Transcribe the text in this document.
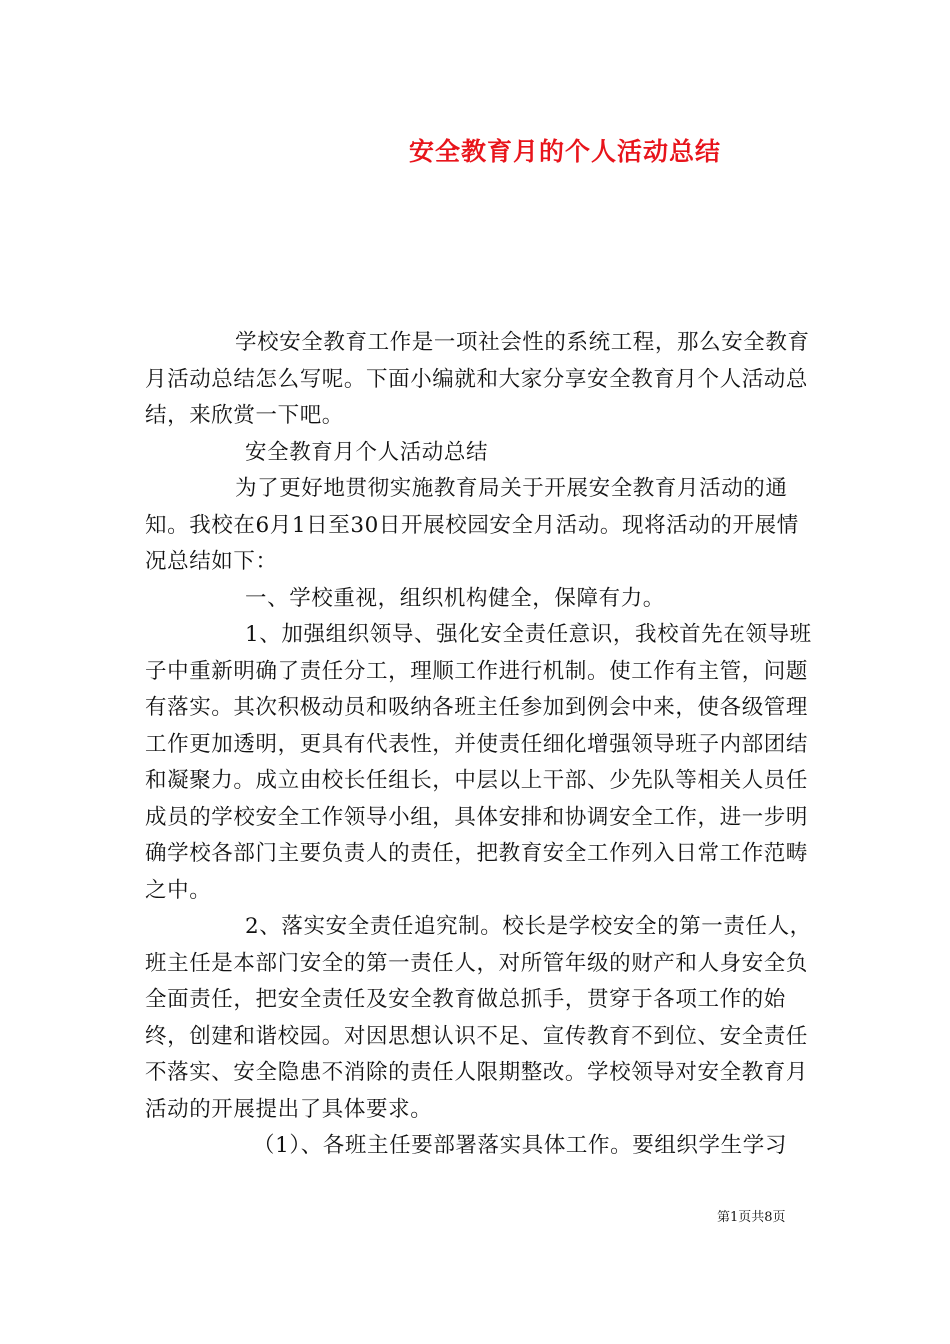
安全教育月的个人活动总结

学校安全教育工作是一项社会性的系统工程，那么安全教育月活动总结怎么写呢。下面小编就和大家分享安全教育月个人活动总结，来欣赏一下吧。

安全教育月个人活动总结

为了更好地贯彻实施教育局关于开展安全教育月活动的通知。我校在6月1日至30日开展校园安全月活动。现将活动的开展情况总结如下：

一、学校重视，组织机构健全，保障有力。

1、加强组织领导、强化安全责任意识，我校首先在领导班子中重新明确了责任分工，理顺工作进行机制。使工作有主管，问题有落实。其次积极动员和吸纳各班主任参加到例会中来，使各级管理工作更加透明，更具有代表性，并使责任细化增强领导班子内部团结和凝聚力。成立由校长任组长，中层以上干部、少先队等相关人员任成员的学校安全工作领导小组，具体安排和协调安全工作，进一步明确学校各部门主要负责人的责任，把教育安全工作列入日常工作范畴之中。

2、落实安全责任追究制。校长是学校安全的第一责任人，班主任是本部门安全的第一责任人，对所管年级的财产和人身安全负全面责任，把安全责任及安全教育做总抓手，贯穿于各项工作的始终，创建和谐校园。对因思想认识不足、宣传教育不到位、安全责任不落实、安全隐患不消除的责任人限期整改。学校领导对安全教育月活动的开展提出了具体要求。

（1）、各班主任要部署落实具体工作。要组织学生学习

第1页共8页
